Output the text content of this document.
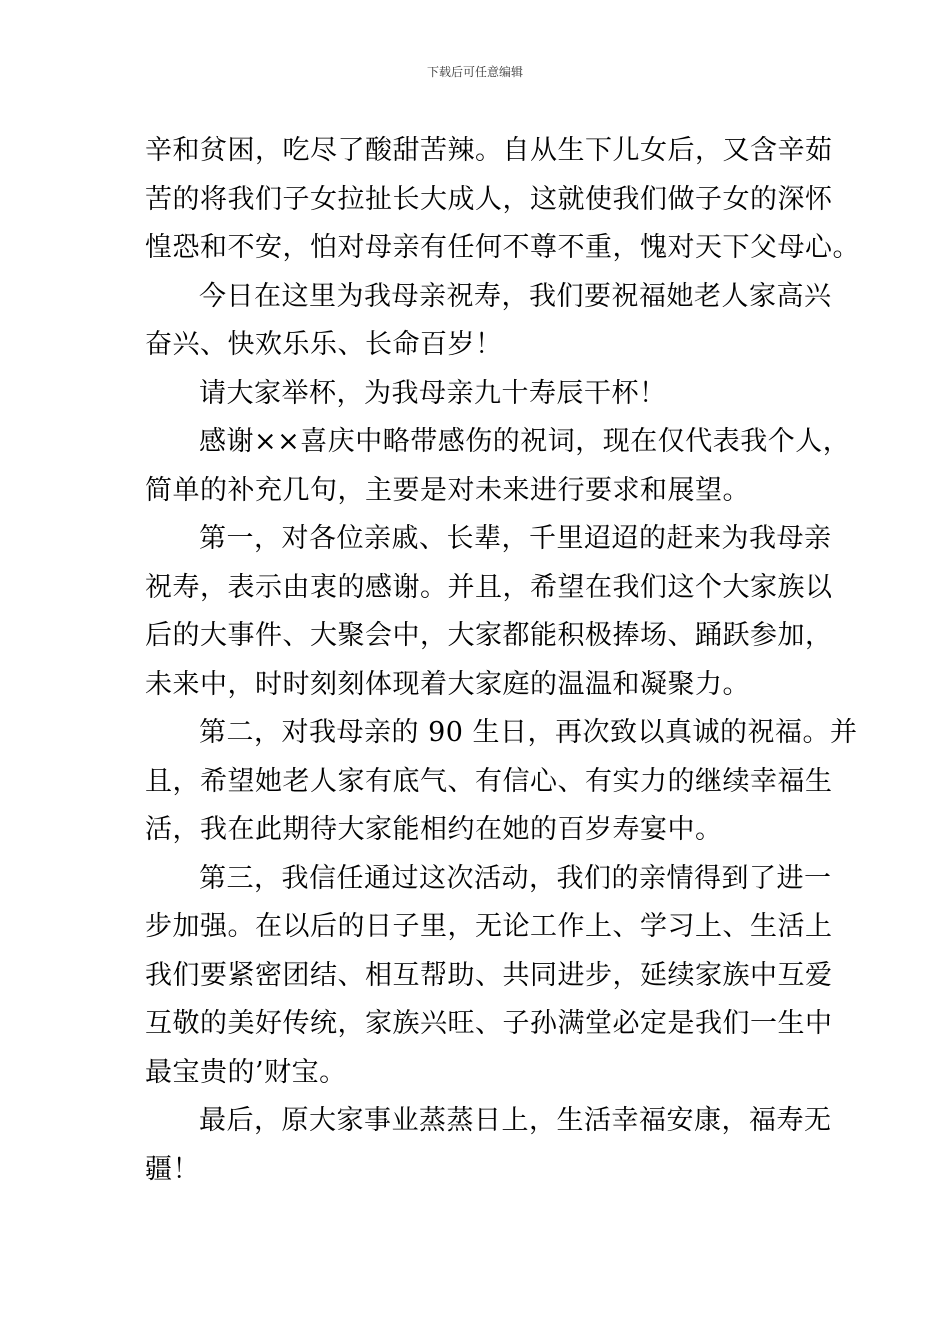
下载后可任意编辑
辛和贫困，吃尽了酸甜苦辣。自从生下儿女后，又含辛茹
苦的将我们子女拉扯长大成人，这就使我们做子女的深怀
惶恐和不安，怕对母亲有任何不尊不重，愧对天下父母心。
今日在这里为我母亲祝寿，我们要祝福她老人家高兴
奋兴、快欢乐乐、长命百岁！
请大家举杯，为我母亲九十寿辰干杯！
感谢××喜庆中略带感伤的祝词，现在仅代表我个人，
简单的补充几句，主要是对未来进行要求和展望。
第一，对各位亲戚、长辈，千里迢迢的赶来为我母亲
祝寿，表示由衷的感谢。并且，希望在我们这个大家族以
后的大事件、大聚会中，大家都能积极捧场、踊跃参加，
未来中，时时刻刻体现着大家庭的温温和凝聚力。
第二，对我母亲的 90 生日，再次致以真诚的祝福。并
且，希望她老人家有底气、有信心、有实力的继续幸福生
活，我在此期待大家能相约在她的百岁寿宴中。
第三，我信任通过这次活动，我们的亲情得到了进一
步加强。在以后的日子里，无论工作上、学习上、生活上
我们要紧密团结、相互帮助、共同进步，延续家族中互爱
互敬的美好传统，家族兴旺、子孙满堂必定是我们一生中
最宝贵的’财宝。
最后，原大家事业蒸蒸日上，生活幸福安康，福寿无
疆！
